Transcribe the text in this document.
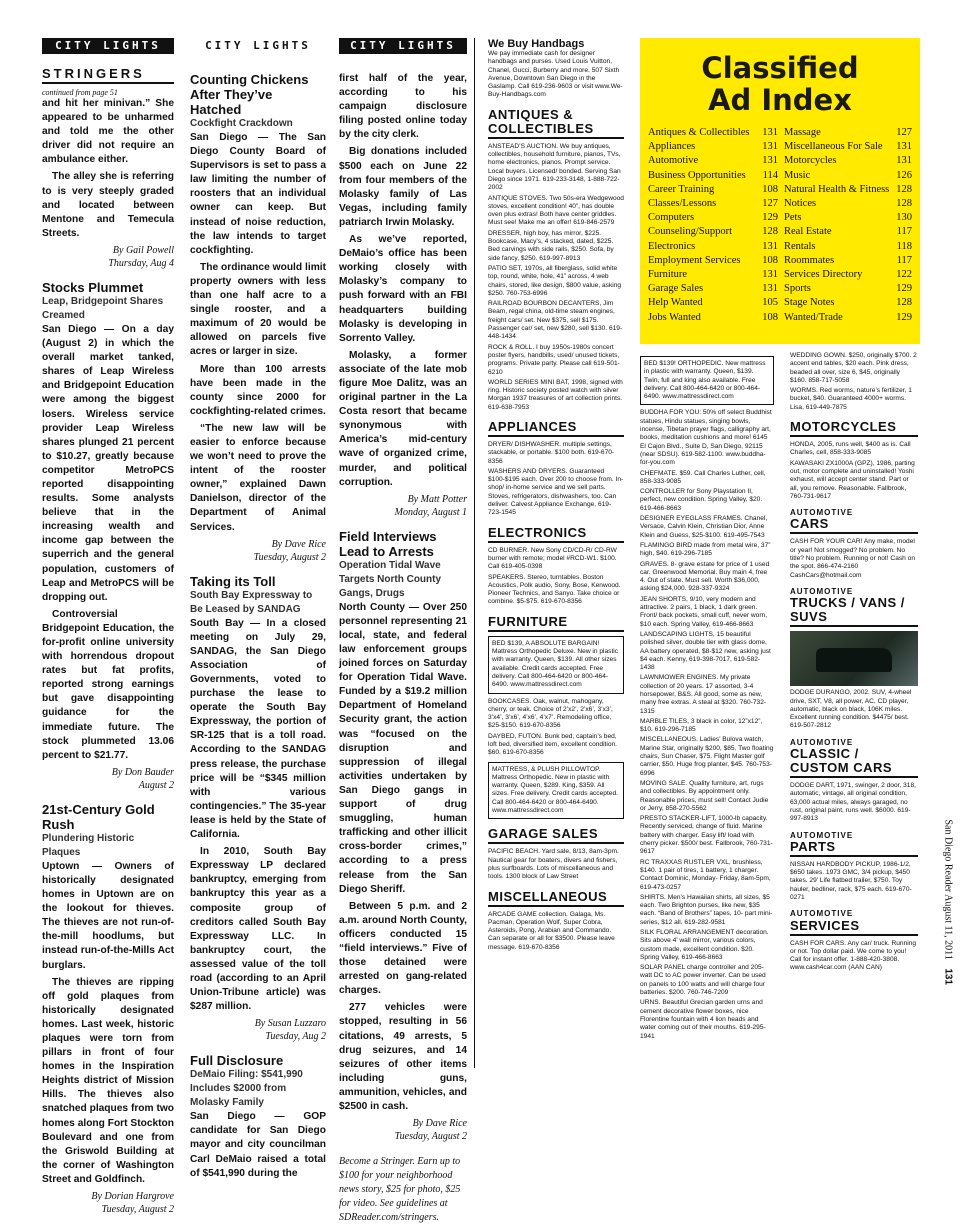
CITY LIGHTS
STRINGERS
continued from page 51

and hit her minivan.” She appeared to be unharmed and told me the other driver did not require an ambulance either.

The alley she is referring to is very steeply graded and located between Mentone and Temecula Streets.

By Gail Powell
Thursday, Aug 4
Stocks Plummet
Leap, Bridgepoint Shares Creamed

San Diego — On a day (August 2) in which the overall market tanked, shares of Leap Wireless and Bridgepoint Education were among the biggest losers. Wireless service provider Leap Wireless shares plunged 21 percent to $10.27, greatly because competitor MetroPCS reported disappointing results. Some analysts believe that in the increasing wealth and income gap between the superrich and the general population, customers of Leap and MetroPCS will be dropping out.

Controversial Bridgepoint Education, the for-profit online university with horrendous dropout rates but fat profits, reported strong earnings but gave disappointing guidance for the immediate future. The stock plummeted 13.06 percent to $21.77.

By Don Bauder
August 2
21st-Century Gold Rush
Plundering Historic Plaques

Uptown — Owners of historically designated homes in Uptown are on the lookout for thieves. The thieves are not run-of-the-mill hoodlums, but instead run-of-the-Mills Act burglars.

The thieves are ripping off gold plaques from historically designated homes. Last week, historic plaques were torn from pillars in front of four homes in the Inspiration Heights district of Mission Hills. The thieves also snatched plaques from two homes along Fort Stockton Boulevard and one from the Griswold Building at the corner of Washington Street and Goldfinch.

By Dorian Hargrove
Tuesday, August 2
CITY LIGHTS
Counting Chickens After They’ve Hatched
Cockfight Crackdown

San Diego — The San Diego County Board of Supervisors is set to pass a law limiting the number of roosters that an individual owner can keep. But instead of noise reduction, the law intends to target cockfighting.

The ordinance would limit property owners with less than one half acre to a single rooster, and a maximum of 20 would be allowed on parcels five acres or larger in size.

More than 100 arrests have been made in the county since 2000 for cockfighting-related crimes.

“The new law will be easier to enforce because we won’t need to prove the intent of the rooster owner,” explained Dawn Danielson, director of the Department of Animal Services.

By Dave Rice
Tuesday, August 2
Taking its Toll
South Bay Expressway to Be Leased by SANDAG

South Bay — In a closed meeting on July 29, SANDAG, the San Diego Association of Governments, voted to purchase the lease to operate the South Bay Expressway, the portion of SR-125 that is a toll road. According to the SANDAG press release, the purchase price will be “$345 million with various contingencies.” The 35-year lease is held by the State of California.

In 2010, South Bay Expressway LP declared bankruptcy, emerging from bankruptcy this year as a composite group of creditors called South Bay Expressway LLC. In bankruptcy court, the assessed value of the toll road (according to an April Union-Tribune article) was $287 million.

By Susan Luzzaro
Tuesday, Aug 2
Full Disclosure
DeMaio Filing: $541,990 Includes $2000 from Molasky Family

San Diego — GOP candidate for San Diego mayor and city councilman Carl DeMaio raised a total of $541,990 during the

CITY LIGHTS

first half of the year, according to his campaign disclosure filing posted online today by the city clerk.

Big donations included $500 each on June 22 from four members of the Molasky family of Las Vegas, including family patriarch Irwin Molasky.

As we’ve reported, DeMaio’s office has been working closely with Molasky’s company to push forward with an FBI headquarters building Molasky is developing in Sorrento Valley.

Molasky, a former associate of the late mob figure Moe Dalitz, was an original partner in the La Costa resort that became synonymous with America’s mid-century wave of organized crime, murder, and political corruption.

By Matt Potter
Monday, August 1
Field Interviews Lead to Arrests
Operation Tidal Wave Targets North County Gangs, Drugs

North County — Over 250 personnel representing 21 local, state, and federal law enforcement groups joined forces on Saturday for Operation Tidal Wave. Funded by a $19.2 million Department of Homeland Security grant, the action was “focused on the disruption and suppression of illegal activities undertaken by San Diego gangs in support of drug smuggling, human trafficking and other illicit cross-border crimes,” according to a press release from the San Diego Sheriff.

Between 5 p.m. and 2 a.m. around North County, officers conducted 15 “field interviews.” Five of those detained were arrested on gang-related charges.

277 vehicles were stopped, resulting in 56 citations, 49 arrests, 5 drug seizures, and 14 seizures of other items including guns, ammunition, vehicles, and $2500 in cash.

By Dave Rice
Tuesday, August 2

Become a Stringer. Earn up to $100 for your neighborhood news story, $25 for photo, $25 for video. See guidelines at SDReader.com/stringers.

We Buy Handbags
We pay immediate cash for designer handbags and purses. Used Louis Vuitton, Chanel, Gucci, Burberry and more. 507 Sixth Avenue, Downtown San Diego in the Gaslamp. Call 619-236-9603 or visit www.We-Buy-Handbags.com
ANTIQUES & COLLECTIBLES
ANSTEAD’S AUCTION. We buy antiques, collectibles, household furniture, pianos, TVs, home electronics, pianos. Prompt service. Local buyers. Licensed/ bonded. Serving San Diego since 1971. 619-233-3148, 1-888-722-2002
ANTIQUE STOVES. Two 50s-era Wedgewood stoves, excellent condition! 40”, has double oven plus extras! Both have center griddles. Must see! Make me an offer! 619-846-2579
DRESSER, high boy, has mirror, $225. Bookcase, Macy’s, 4 stacked, dated, $225. Bed carvings with side rails, $250. Sofa, by side fancy, $250. 619-997-8913
PATIO SET, 1970s, all fiberglass, solid white top, round, white, hole, 41” across, 4 web chairs, stored, like design, $800 value, asking $250. 760-753-6996
RAILROAD BOURBON DECANTERS, Jim Beam, regal china, old-time steam engines, freight cars/ set. New $375, sell $175. Passenger car/ set, new $280, sell $130. 619-448-1434
ROCK & ROLL. I buy 1950s-1980s concert poster flyers, handbills, used/ unused tickets, programs. Private party. Please call 619-501-6210
WORLD SERIES MINI BAT, 1998, signed with ring. Historic society posted watch with silver Morgan 1937 treasures of art collection prints. 619-638-7953
APPLIANCES
DRYER/ DISHWASHER. multiple settings, stackable, or portable. $100 both. 619-670-8356
WASHERS AND DRYERS. Guaranteed $100-$195 each. Over 200 to choose from. In- shop/ in-home service and we sell parts. Stoves, refrigerators, dishwashers, too. Can deliver. Calvest Appliance Exchange, 619-723-1545
ELECTRONICS
CD BURNER. New Sony CD/CD-R/ CD-RW burner with remote; model #RCD-W1. $100. Call 619-405-0398
SPEAKERS. Stereo, turntables. Boston Acoustics, Polk audio, Sony, Bose, Kenwood. Pioneer Technics, and Sanyo. Take choice or combine. $5-$75. 619-670-8356
FURNITURE
BED $139, A ABSOLUTE BARGAIN! Mattress Orthopedic Deluxe. New in plastic with warranty. Queen, $139. All other sizes available. Credit cards accepted. Free delivery. Call 800-464-6420 or 800-464-6490. www.mattressdirect.com
BOOKCASES. Oak, walnut, mahogany, cherry, or teak. Choice of 2’x2’, 2’x6’, 3’x3’, 3’x4’, 3’x6’, 4’x6’, 4’x7’. Remodeling office, $25-$150. 619-670-8356
DAYBED, FUTON. Bunk bed, captain’s bed, loft bed, diversified item, excellent condition. $60. 619-670-8356
MATTRESS, & PLUSH PILLOWTOP. Mattress Orthopedic. New in plastic with warranty. Queen, $289. King, $359. All sizes. Free delivery. Credit cards accepted. Call 800-464-6420 or 800-464-6490. www.mattressdirect.com
GARAGE SALES
PACIFIC BEACH. Yard sale, 8/13, 8am-3pm. Nautical gear for boaters, divers and fishers, plus surfboards. Lots of miscellaneous and tools. 1300 block of Law Street
MISCELLANEOUS
ARCADE GAME collection. Galaga, Ms. Pacman, Operation Wolf, Super Cobra, Asteroids, Pong, Arabian and Commando. Can separate or all for $3500. Please leave message. 619-670-8356
Classified
Ad Index
Antiques & Collectibles 131
Appliances	131
Automotive	131
Business Opportunities 114
Career Training	108
Classes/Lessons	127
Computers	129
Counseling/Support	128
Electronics	131
Employment Services 108
Furniture	131
Garage Sales	131
Help Wanted	105
Jobs Wanted	108
Massage	127
Miscellaneous For Sale 131
Motorcycles	131
Music	126
Natural Health & Fitness 128
Notices	128
Pets	130
Real Estate	117
Rentals	118
Roommates	117
Services Directory	122
Sports	129
Stage Notes	128
Wanted/Trade	129
BED $139! ORTHOPEDIC. New mattress in plastic with warranty. Queen, $139. Twin, full and king also available. Free delivery. Call 800-464-6420 or 800-464-6490. www.mattressdirect.com
BUDDHA FOR YOU: 50% off select Buddhist statues, Hindu statues, singing bowls, incense, Tibetan prayer flags, calligraphy art, books, meditation cushions and more! 6145 El Cajon Blvd., Suite D, San Diego, 92115 (near SDSU). 619-582-1100. www.buddha-for-you.com
CHEFMATE. $59. Call Charles Luther, cell, 858-333-9085
CONTROLLER for Sony Playstation II, perfect, new condition. Spring Valley, $20. 619-466-8663
DESIGNER EYEGLASS FRAMES. Chanel, Versace, Calvin Klein, Christian Dior, Anne Klein and Guess, $25-$100. 619-495-7543
FLAMINGO BIRD made from metal wire, 37” high, $40. 619-296-7185
GRAVES. 8- grave estate for price of 1 used car. Greenwood Memorial. Buy main 4, free 4. Out of state. Must sell. Worth $36,000, asking $24,000. 928-337-9324
JEAN SHORTS, 9/10, very modern and attractive. 2 pairs, 1 black, 1 dark green. Front/ back pockets, small cuff, never worn, $10 each. Spring Valley, 619-466-8663
LANDSCAPING LIGHTS, 15 beautiful polished silver, double tier with glass dome, AA battery operated, $8-$12 new, asking just $4 each. Kenny, 619-398-7017, 619-582-1438
LAWNMOWER ENGINES. My private collection of 20 years. 17 assorted, 3-4 horsepower, B&S. All good, some as new, many free extras. A steal at $320. 760-732-1315
MARBLE TILES, 3 black in color, 12”x12”, $10. 619-296-7185
MISCELLANEOUS. Ladies’ Bulova watch, Marine Star, originally $200, $85. Two floating chairs, Sun Chaser, $75. Flight Master golf carrier, $50. Huge frog planter, $45. 760-753-6996
MOVING SALE. Quality furniture, art, rugs and collectibles. By appointment only. Reasonable prices, must sell! Contact Judie or Jerry, 858-270-5562
PRESTO STACKER-LIFT, 1000-lb capacity. Recently serviced, change of fluid. Marine battery with charger. Easy lift/ load with cherry picker. $500/ best. Fallbrook, 760-731-9617
RC TRAXXAS RUSTLER VXL, brushless, $140. 1 pair of tires, 1 battery, 1 charger. Contact Dominic, Monday- Friday, 8am-5pm, 619-473-0257
SHIRTS. Men’s Hawaiian shirts, all sizes, $5 each. Two Brighton purses, like new, $35 each. “Band of Brothers” tapes, 10- part mini-series, $12 all. 619-282-9581
SILK FLORAL ARRANGEMENT decoration. Sits above 4’ wall mirror, various colors, custom made, excellent condition. $20. Spring Valley, 619-466-8663
SOLAR PANEL charge controller and 205- watt DC to AC power inverter. Can be used on panels to 100 watts and will charge four batteries. $200. 760-746-7209
URNS. Beautiful Grecian garden urns and cement decorative flower boxes, nice Florentine fountain with 4 lion heads and water coming out of their mouths. 619-295-1941
WEDDING GOWN. $250, originally $700. 2 accent end tables, $20 each. Pink dress, beaded all over, size 6, $45, originally $160. 858-717-5058
WORMS. Red worms, nature’s fertilizer, 1 bucket, $40. Guaranteed 4000+ worms. Lisa, 619-449-7875
MOTORCYCLES
HONDA, 2005, runs well, $400 as is. Call Charles, cell, 858-333-9085
KAWASAKI ZX1000A (GPZ), 1986, parting out, motor complete and uninstalled! Yoshi exhaust, will accept center stand. Part or all, you remove. Reasonable. Fallbrook, 760-731-9617
AUTOMOTIVE
CARS
CASH FOR YOUR CAR! Any make, model or year! Not smogged? No problem. No title? No problem. Running or not! Cash on the spot. 866-474-2160 CashCars@hotmail.com
AUTOMOTIVE
TRUCKS / VANS / SUVS
DODGE DURANGO, 2002. SUV, 4-wheel drive, SXT, V8, all power, AC, CD player, automatic, black on black, 106K miles. Excellent running condition. $4475/ best. 619-507-2812
AUTOMOTIVE
CLASSIC / CUSTOM CARS
DODGE DART, 1971, swinger, 2 door, 318, automatic, vintage, all original condition, 63,000 actual miles, always garaged, no rust, original paint, runs well. $6000. 619-997-8913
AUTOMOTIVE
PARTS
NISSAN HARDBODY PICKUP, 1986-1/2, $650 takes. 1973 GMC, 3/4 pickup, $450 takes. 29’ Life flatbed trailer, $750. Toy hauler, bedliner, rack, $75 each. 619-670-0271
AUTOMOTIVE
SERVICES
CASH FOR CARS. Any car/ truck. Running or not. Top dollar paid. We come to you! Call for instant offer. 1-888-420-3808. www.cash4car.com (AAN CAN)
San Diego Reader August 11, 2011 131
